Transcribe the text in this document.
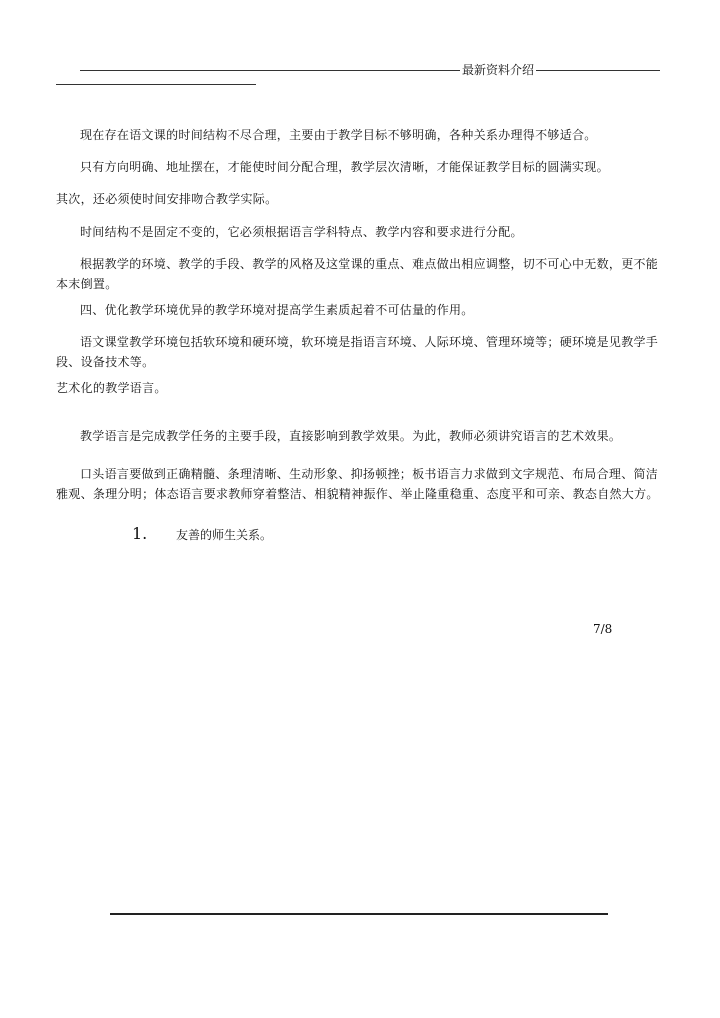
最新资料介绍

现在存在语文课的时间结构不尽合理，主要由于教学目标不够明确，各种关系办理得不够适合。

只有方向明确、地址摆在，才能使时间分配合理，教学层次清晰，才能保证教学目标的圆满实现。

其次，还必须使时间安排吻合教学实际。

时间结构不是固定不变的，它必须根据语言学科特点、教学内容和要求进行分配。

根据教学的环境、教学的手段、教学的风格及这堂课的重点、难点做出相应调整，切不可心中无数，更不能本末倒置。

四、优化教学环境优异的教学环境对提高学生素质起着不可估量的作用。

语文课堂教学环境包括软环境和硬环境，软环境是指语言环境、人际环境、管理环境等；硬环境是见教学手段、设备技术等。

艺术化的教学语言。

教学语言是完成教学任务的主要手段，直接影响到教学效果。为此，教师必须讲究语言的艺术效果。

口头语言要做到正确精髓、条理清晰、生动形象、抑扬顿挫；板书语言力求做到文字规范、布局合理、简洁雅观、条理分明；体态语言要求教师穿着整洁、相貌精神振作、举止隆重稳重、态度平和可亲、教态自然大方。

1. 友善的师生关系。
7/8
